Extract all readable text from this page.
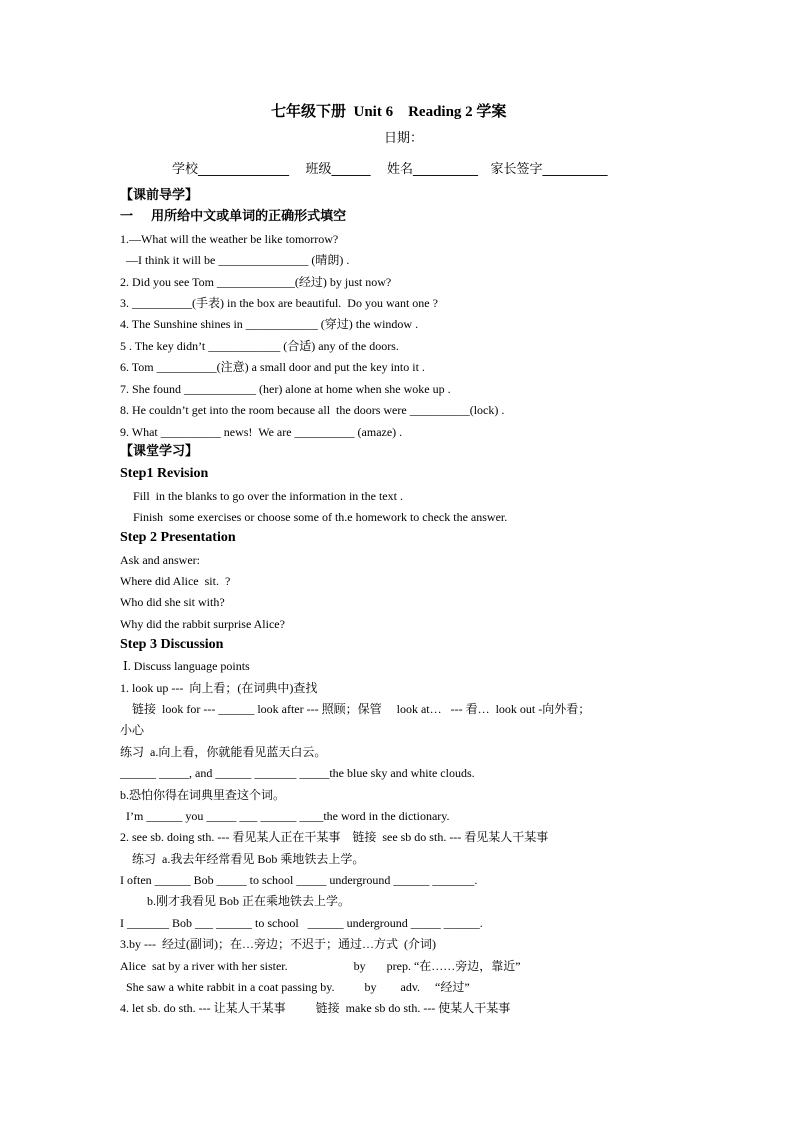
七年级下册  Unit 6    Reading 2 学案
日期：
学校______________    班级______    姓名__________   家长签字__________
【课前导学】
一    用所给中文或单词的正确形式填空
1.—What will the weather be like tomorrow?
—I think it will be _______________ (晴朗) .
2. Did you see Tom _____________(经过) by just now?
3. __________(手表) in the box are beautiful.  Do you want one ?
4. The Sunshine shines in ____________ (穿过) the window .
5 . The key didn’t ____________ (合适) any of the doors.
6. Tom __________(注意) a small door and put the key into it .
7. She found ____________ (her) alone at home when she woke up .
8. He couldn’t get into the room because all  the doors were __________(lock) .
9. What __________ news!  We are __________ (amaze) .
【课堂学习】
Step1 Revision
Fill  in the blanks to go over the information in the text .
Finish  some exercises or choose some of th.e homework to check the answer.
Step 2 Presentation
Ask and answer:
Where did Alice  sit.  ?
Who did she sit with?
Why did the rabbit surprise Alice?
Step 3 Discussion
Ⅰ. Discuss language points
1. look up ---  向上看；(在词典中)查找
链接  look for --- ______ look after --- 照顾；保管     look at…   --- 看…  look out -向外看；
小心
练习  a.向上看，你就能看见蓝天白云。
______ _____, and ______ _______ _____the blue sky and white clouds.
b.恐怕你得在词典里查这个词。
I’m ______ you _____ ___ ______ ____the word in the dictionary.
2. see sb. doing sth. --- 看见某人正在干某事    链接  see sb do sth. --- 看见某人干某事
练习  a.我去年经常看见 Bob 乘地铁去上学。
I often ______ Bob _____ to school _____ underground ______ _______.
b.刚才我看见 Bob 正在乘地铁去上学。
I _______ Bob ___ ______ to school   ______ underground _____ ______.
3.by ---  经过(副词)；在…旁边；不迟于；通过…方式  (介词)
Alice  sat by a river with her sister.                      by       prep. “在……旁边，靠近”
She saw a white rabbit in a coat passing by.          by        adv.     “经过”
4. let sb. do sth. --- 让某人干某事          链接  make sb do sth. --- 使某人干某事
